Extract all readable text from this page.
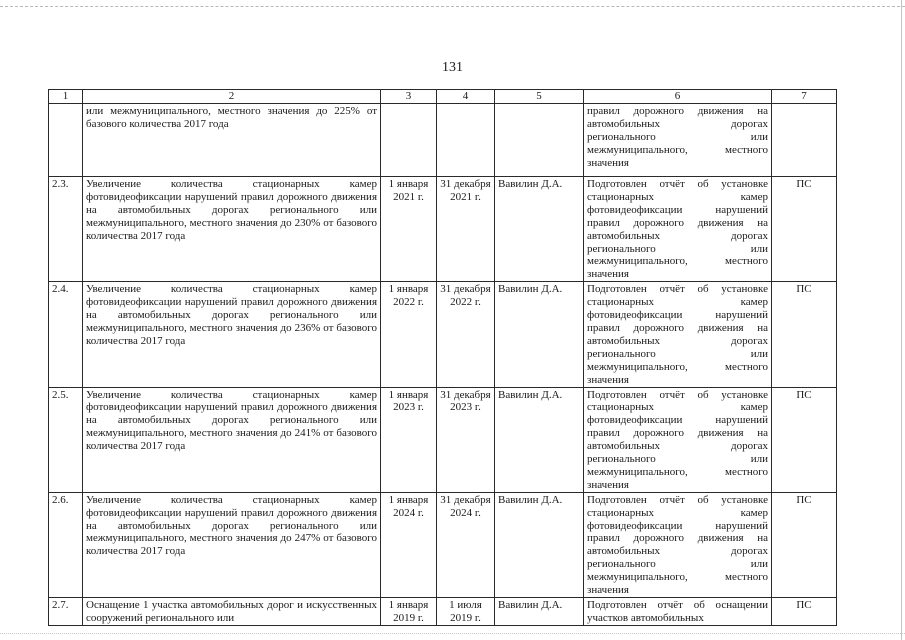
131
1	2	3	4	5	6	7
	или межмуниципального, местного значения до 225% от базового количества 2017 года				правил дорожного движения на автомобильных дорогах регионального или межмуниципального, местного значения	
2.3.	Увеличение количества стационарных камер фотовидеофиксации нарушений правил дорожного движения на автомобильных дорогах регионального или межмуниципального, местного значения до 230% от базового количества 2017 года	1 января 2021 г.	31 декабря 2021 г.	Вавилин Д.А.	Подготовлен отчёт об установке стационарных камер фотовидеофиксации нарушений правил дорожного движения на автомобильных дорогах регионального или межмуниципального, местного значения	ПС
2.4.	Увеличение количества стационарных камер фотовидеофиксации нарушений правил дорожного движения на автомобильных дорогах регионального или межмуниципального, местного значения до 236% от базового количества 2017 года	1 января 2022 г.	31 декабря 2022 г.	Вавилин Д.А.	Подготовлен отчёт об установке стационарных камер фотовидеофиксации нарушений правил дорожного движения на автомобильных дорогах регионального или межмуниципального, местного значения	ПС
2.5.	Увеличение количества стационарных камер фотовидеофиксации нарушений правил дорожного движения на автомобильных дорогах регионального или межмуниципального, местного значения до 241% от базового количества 2017 года	1 января 2023 г.	31 декабря 2023 г.	Вавилин Д.А.	Подготовлен отчёт об установке стационарных камер фотовидеофиксации нарушений правил дорожного движения на автомобильных дорогах регионального или межмуниципального, местного значения	ПС
2.6.	Увеличение количества стационарных камер фотовидеофиксации нарушений правил дорожного движения на автомобильных дорогах регионального или межмуниципального, местного значения до 247% от базового количества 2017 года	1 января 2024 г.	31 декабря 2024 г.	Вавилин Д.А.	Подготовлен отчёт об установке стационарных камер фотовидеофиксации нарушений правил дорожного движения на автомобильных дорогах регионального или межмуниципального, местного значения	ПС
2.7.	Оснащение 1 участка автомобильных дорог и искусственных сооружений регионального или	1 января 2019 г.	1 июля 2019 г.	Вавилин Д.А.	Подготовлен отчёт об оснащении участков автомобильных	ПС
